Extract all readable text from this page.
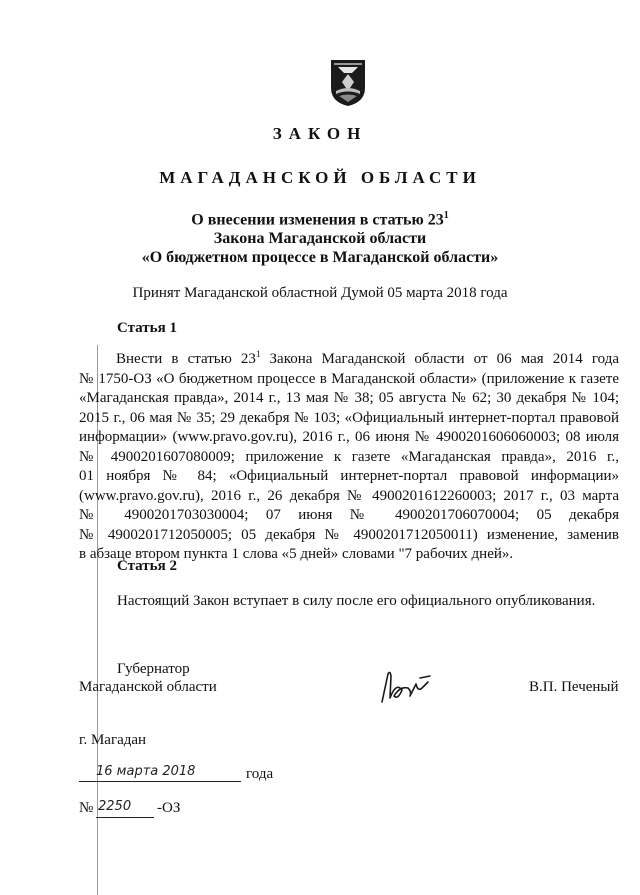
ЗАКОН
МАГАДАНСКОЙ ОБЛАСТИ
О внесении изменения в статью $23^1$
Закона Магаданской области
«О бюджетном процессе в Магаданской области»
Принят Магаданской областной Думой 05 марта 2018 года
Статья 1
Внести в статью $23^1$ Закона Магаданской области от 06 мая 2014 года
№ 1750-ОЗ «О бюджетном процессе в Магаданской области» (приложение к газете
«Магаданская правда», 2014 г., 13 мая № 38; 05 августа № 62; 30 декабря № 104;
2015 г., 06 мая № 35; 29 декабря № 103; «Официальный интернет-портал правовой
информации» (www.pravo.gov.ru), 2016 г., 06 июня № 4900201606060003; 08 июля
№ 4900201607080009; приложение к газете «Магаданская правда», 2016 г.,
01 ноября № 84; «Официальный интернет-портал правовой информации»
(www.pravo.gov.ru), 2016 г., 26 декабря № 4900201612260003; 2017 г., 03 марта
№ 4900201703030004; 07 июня № 4900201706070004; 05 декабря
№ 4900201712050005; 05 декабря № 4900201712050011) изменение, заменив
в абзаце втором пункта 1 слова «5 дней» словами "7 рабочих дней».
Статья 2
Настоящий Закон вступает в силу после его официального опубликования.
Губернатор
Магаданской области	В.П. Печеный
г. Магадан
16 марта 2018	года
№ 2250 -ОЗ
